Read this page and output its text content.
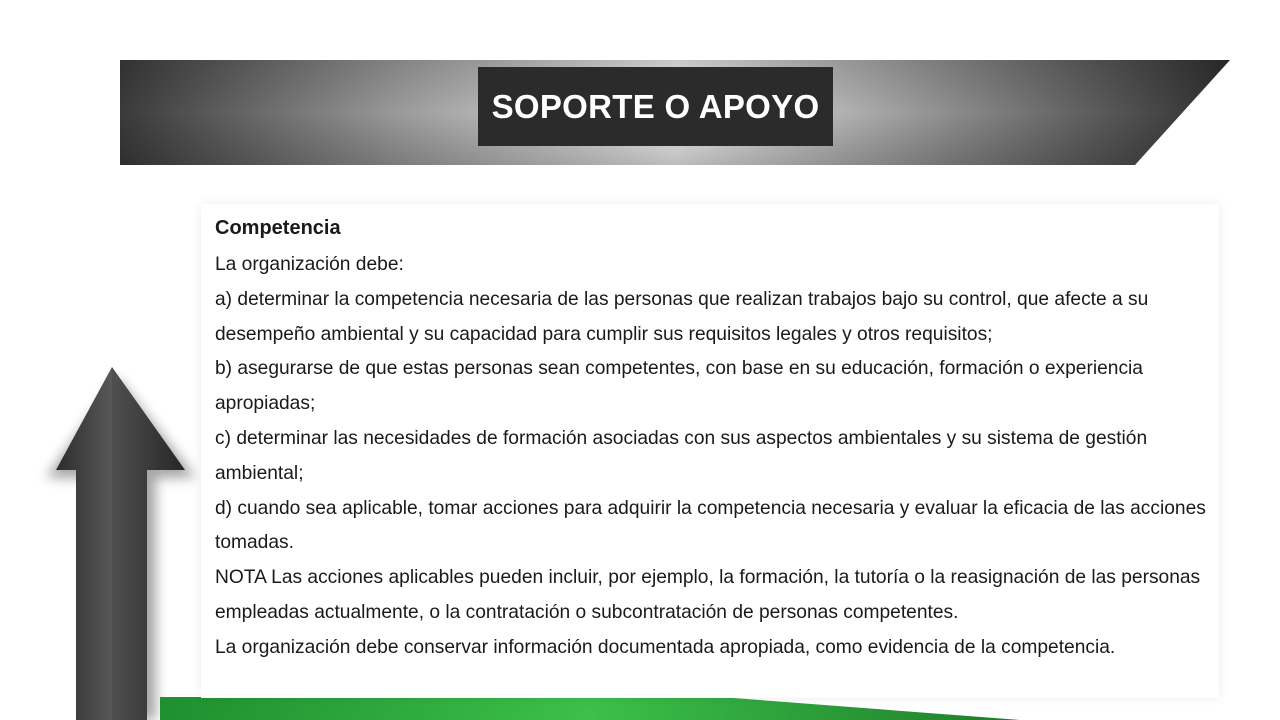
SOPORTE O APOYO
Competencia

La organización debe:

a) determinar la competencia necesaria de las personas que realizan trabajos bajo su control, que afecte a su desempeño ambiental y su capacidad para cumplir sus requisitos legales y otros requisitos;

b) asegurarse de que estas personas sean competentes, con base en su educación, formación o experiencia apropiadas;

c) determinar las necesidades de formación asociadas con sus aspectos ambientales y su sistema de gestión ambiental;

d) cuando sea aplicable, tomar acciones para adquirir la competencia necesaria y evaluar la eficacia de las acciones tomadas.

NOTA Las acciones aplicables pueden incluir, por ejemplo, la formación, la tutoría o la reasignación de las personas empleadas actualmente, o la contratación o subcontratación de personas competentes.

La organización debe conservar información documentada apropiada, como evidencia de la competencia.
